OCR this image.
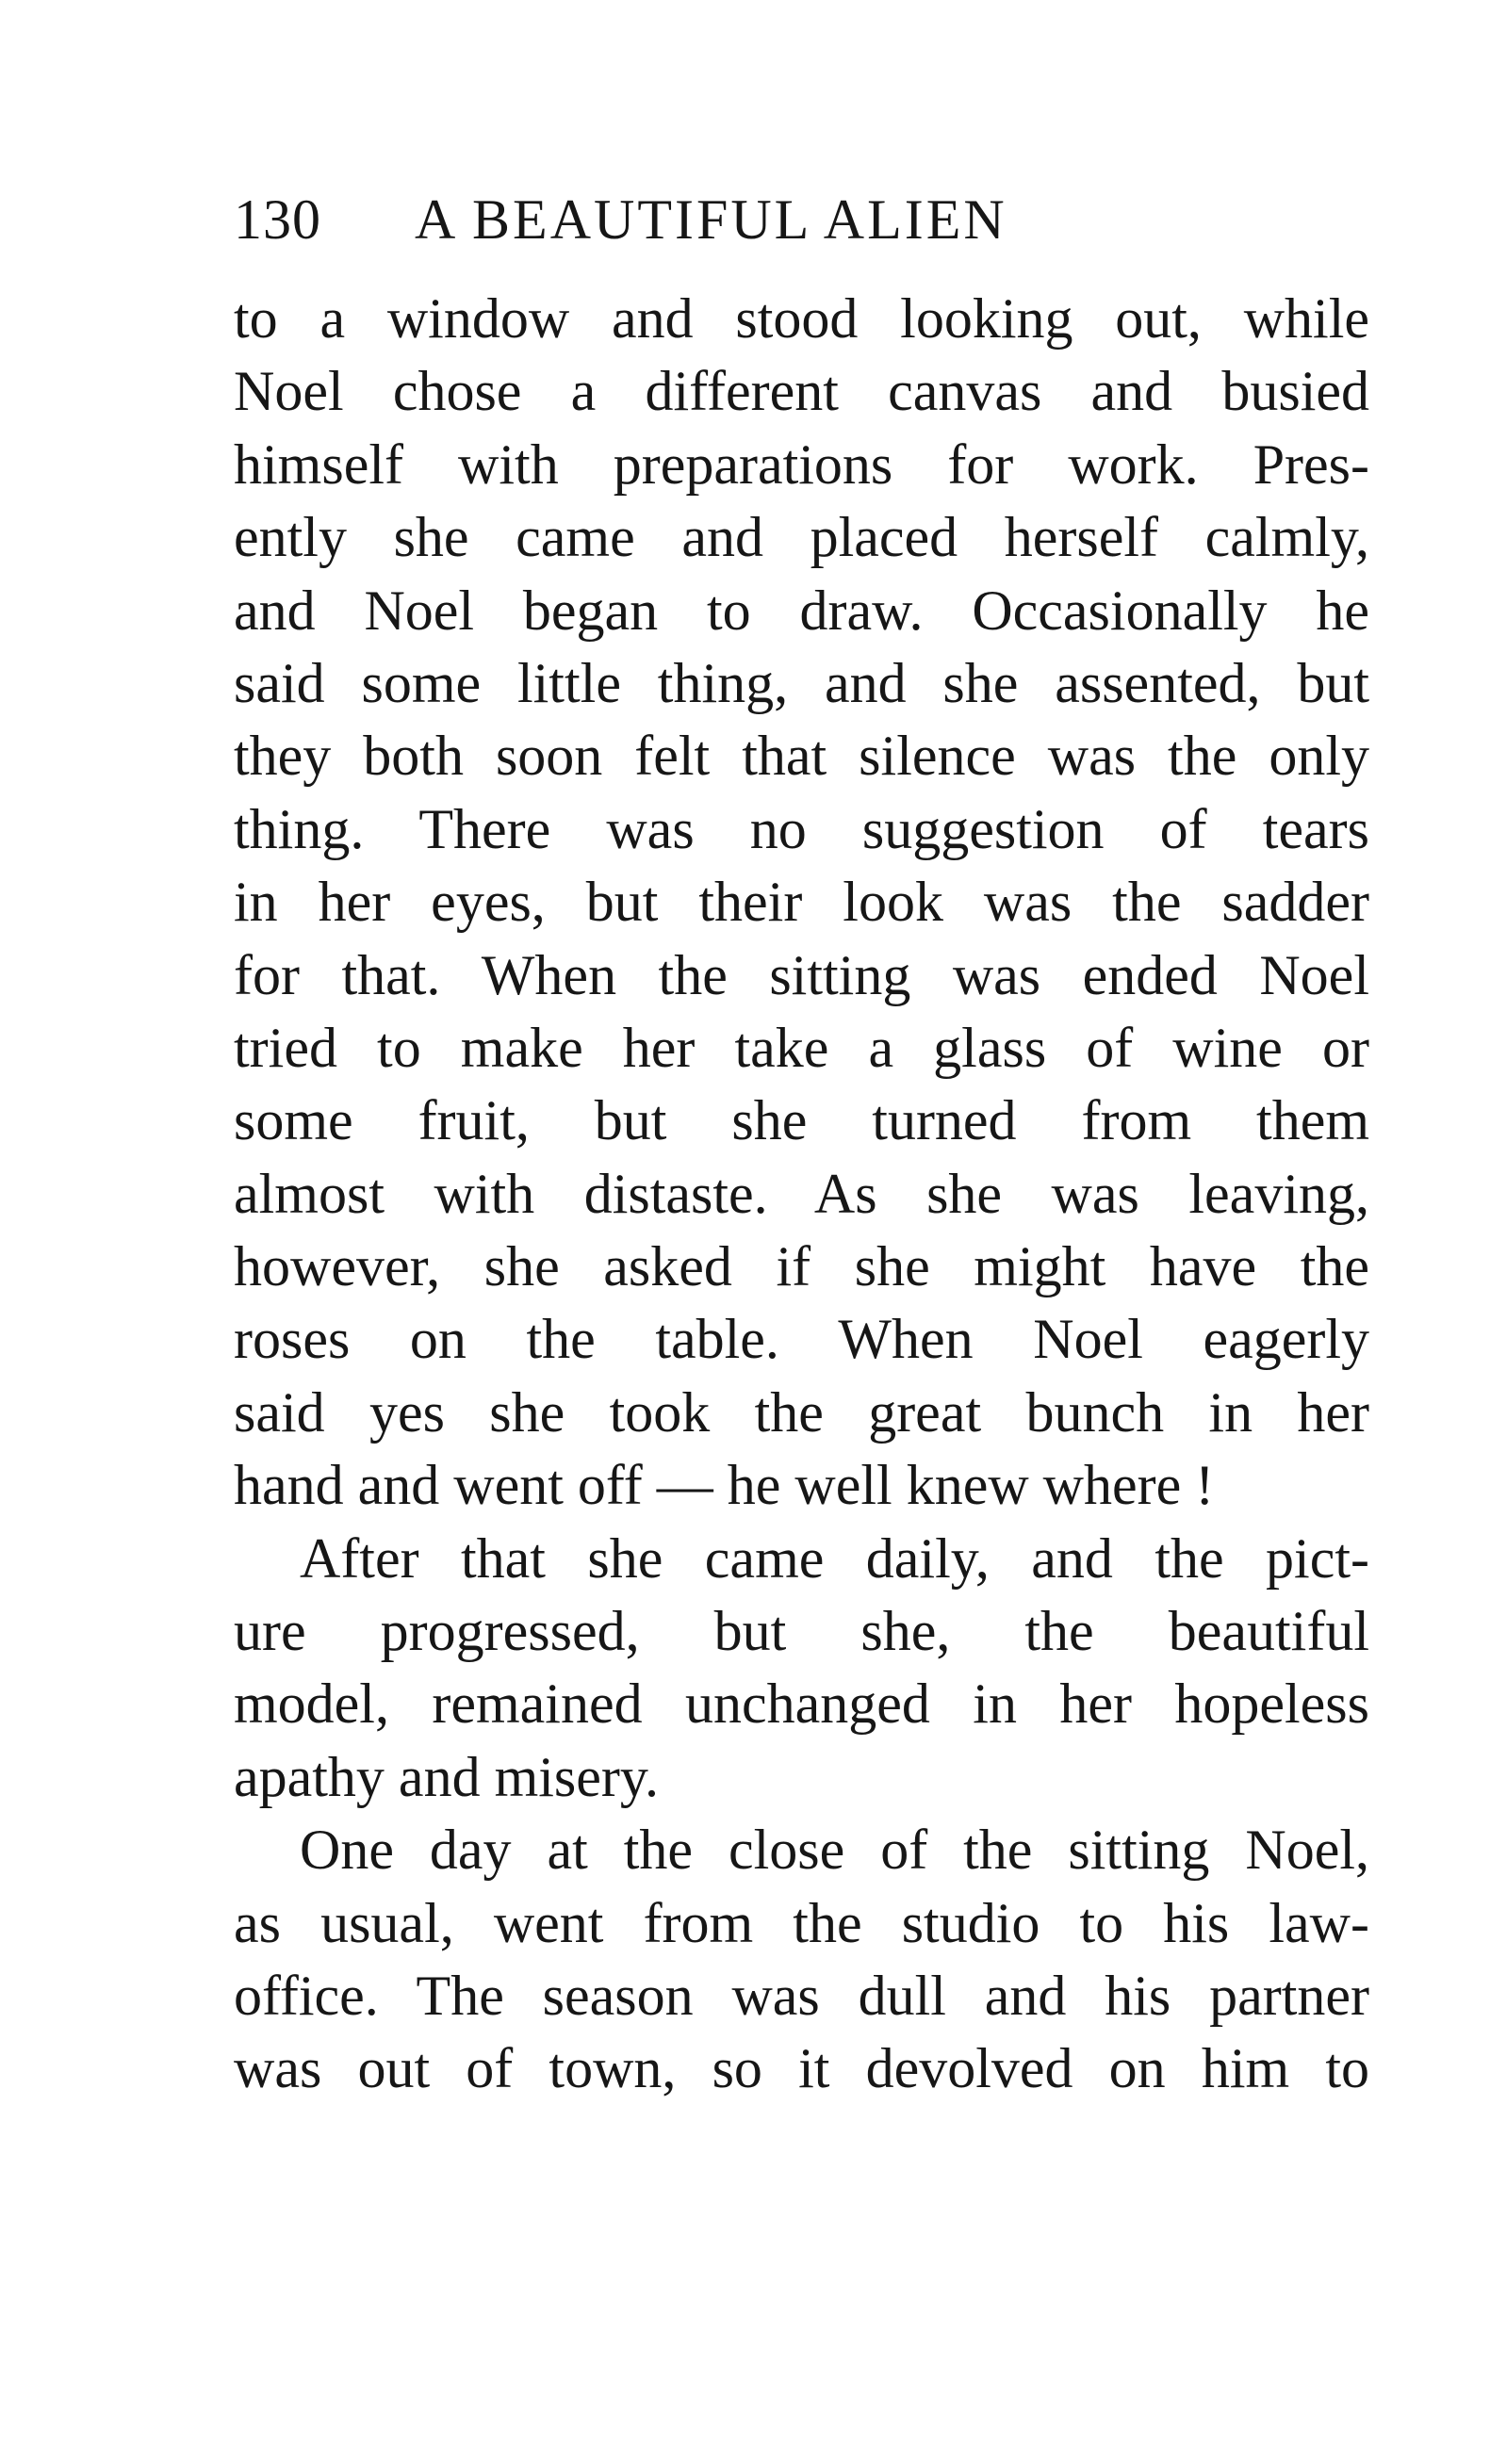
130 A BEAUTIFUL ALIEN
to a window and stood looking out, while
Noel chose a different canvas and busied
himself with preparations for work. Pres-
ently she came and placed herself calmly,
and Noel began to draw. Occasionally he
said some little thing, and she assented, but
they both soon felt that silence was the only
thing. There was no suggestion of tears
in her eyes, but their look was the sadder
for that. When the sitting was ended Noel
tried to make her take a glass of wine or
some fruit, but she turned from them
almost with distaste. As she was leaving,
however, she asked if she might have the
roses on the table. When Noel eagerly
said yes she took the great bunch in her
hand and went off — he well knew where !
After that she came daily, and the pict-
ure progressed, but she, the beautiful
model, remained unchanged in her hopeless
apathy and misery.
One day at the close of the sitting Noel,
as usual, went from the studio to his law-
office. The season was dull and his partner
was out of town, so it devolved on him to
